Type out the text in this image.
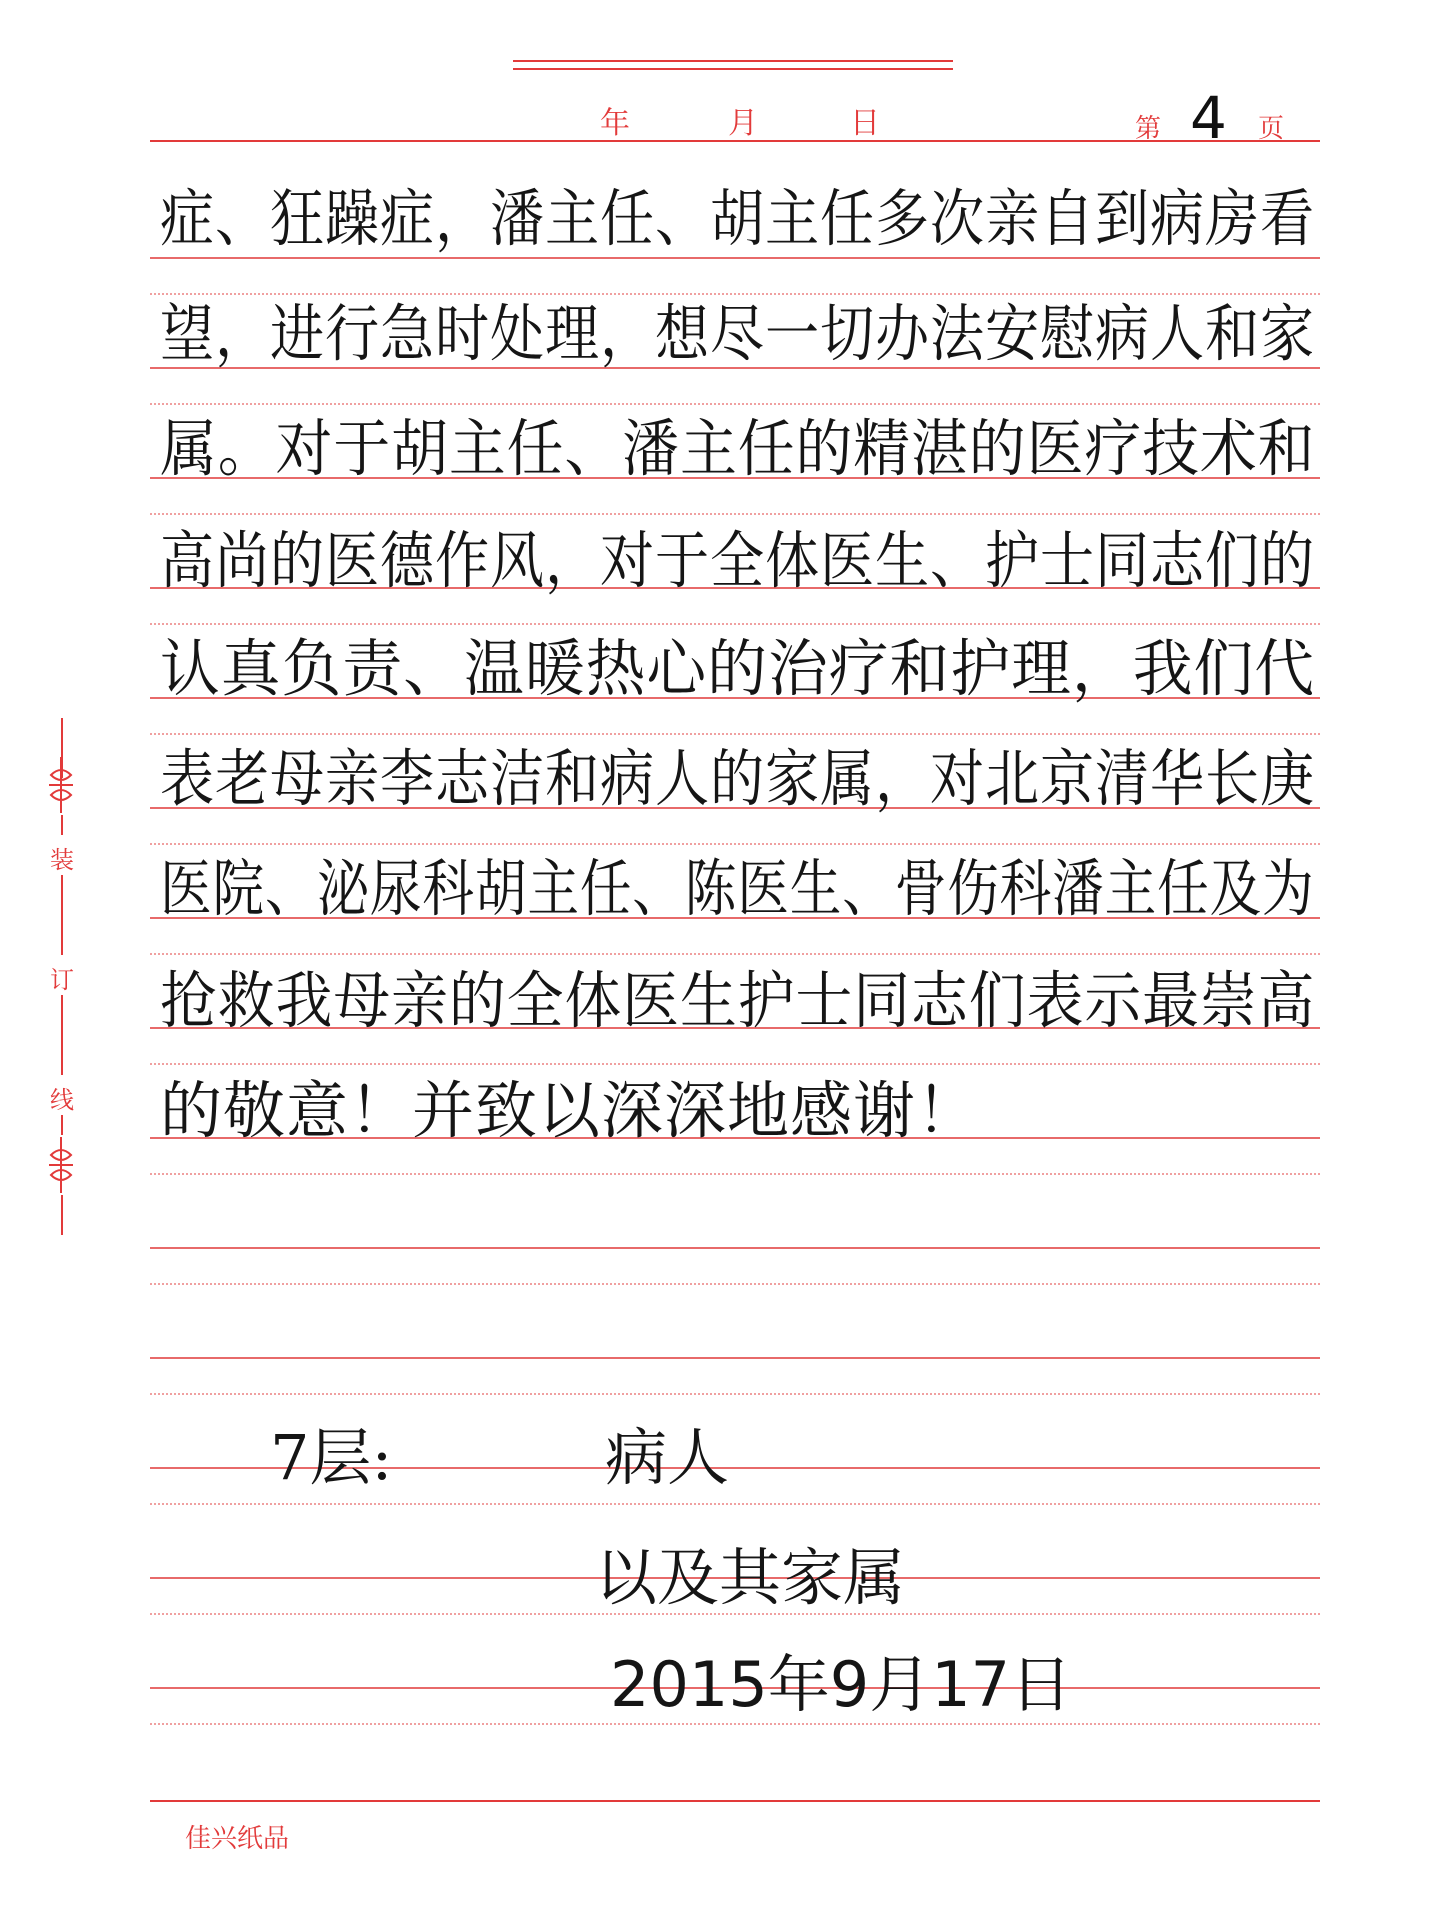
年	月	日	第 4 页
装
订
线
症、狂躁症，潘主任、胡主任多次亲自到病房看
望，进行急时处理，想尽一切办法安慰病人和家
属。对于胡主任、潘主任的精湛的医疗技术和
高尚的医德作风，对于全体医生、护士同志们的
认真负责、温暖热心的治疗和护理，我们代
表老母亲李志洁和病人的家属，对北京清华长庚
医院、泌尿科胡主任、陈医生、骨伤科潘主任及为
抢救我母亲的全体医生护士同志们表示最崇高
的敬意！并致以深深地感谢！
7层:	病人
以及其家属
2015年9月17日
佳兴纸品
